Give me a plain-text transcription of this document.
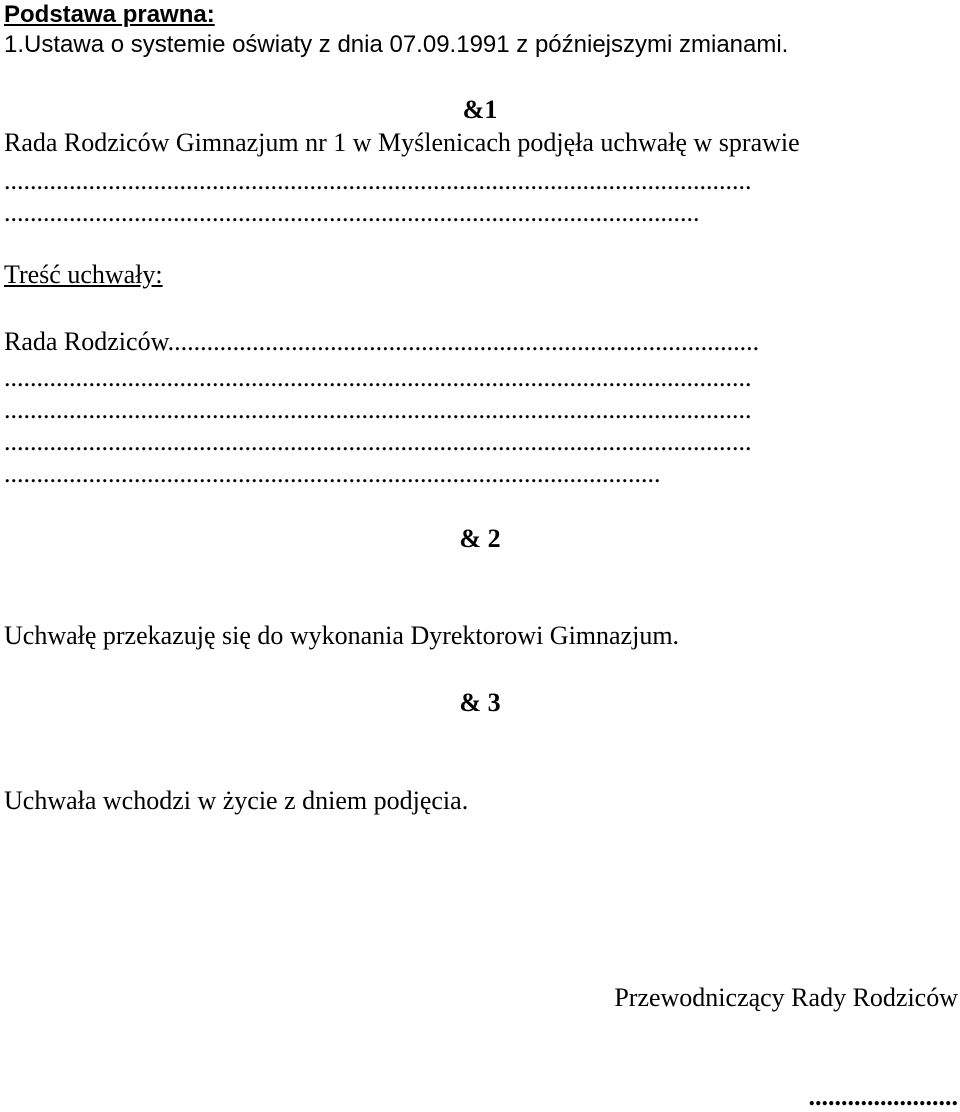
Podstawa prawna:
1.Ustawa o systemie oświaty z dnia 07.09.1991 z późniejszymi zmianami.
&1
Rada Rodziców Gimnazjum nr 1 w Myślenicach podjęła uchwałę w sprawie
...................................................................................................................
...........................................................................................................
Treść uchwały:
Rada Rodziców...........................................................................................
...................................................................................................................
...................................................................................................................
...................................................................................................................
.....................................................................................................
& 2
Uchwałę przekazuję się do wykonania Dyrektorowi Gimnazjum.
& 3
Uchwała wchodzi w życie z dniem podjęcia.
Przewodniczący Rady Rodziców
.......................
